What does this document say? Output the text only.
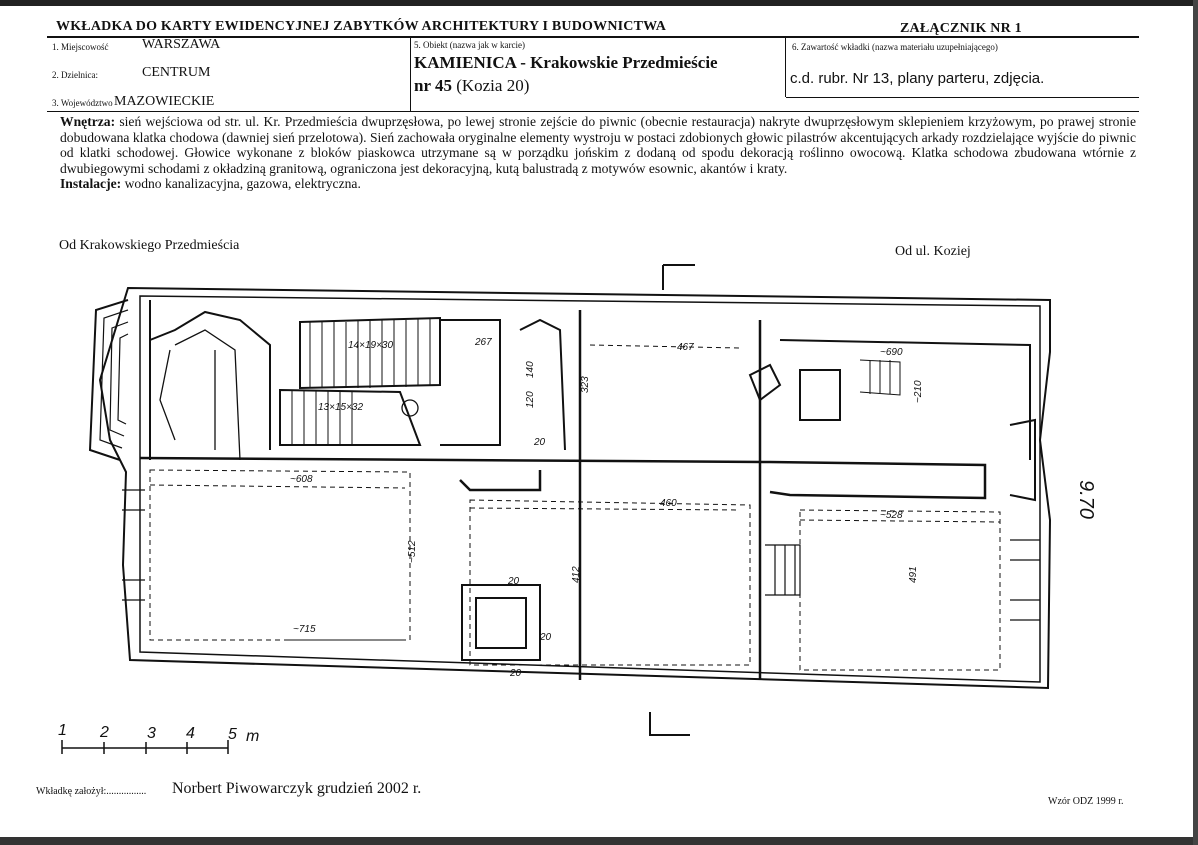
WKŁADKA DO KARTY EWIDENCYJNEJ ZABYTKÓW ARCHITEKTURY I BUDOWNICTWA	ZAŁĄCZNIK NR 1
1. Miejscowość WARSZAWA
2. Dzielnica:	CENTRUM
3. Województwo MAZOWIECKIE
5. Obiekt (nazwa jak w karcie)
KAMIENICA - Krakowskie Przedmieście
nr 45 (Kozia 20)
6. Zawartość wkładki (nazwa materiału uzupełniającego)
c.d. rubr. Nr 13, plany parteru, zdjęcia.
Wnętrza: sień wejściowa od str. ul. Kr. Przedmieścia dwuprzęsłowa, po lewej stronie zejście do piwnic (obecnie restauracja) nakryte dwuprzęsłowym sklepieniem krzyżowym, po prawej stronie dobudowana klatka chodowa (dawniej sień przelotowa). Sień zachowała oryginalne elementy wystroju w postaci zdobionych głowic pilastrów akcentujących arkady rozdzielające wyjście do piwnic od klatki schodowej. Głowice wykonane z bloków piaskowca utrzymane są w porządku jońskim z dodaną od spodu dekoracją roślinno owocową. Klatka schodowa zbudowana wtórnie z dwubiegowymi schodami z okładziną granitową, ograniczona jest dekoracyjną, kutą balustradą z motywów esownic, akantów i kraty.
Instalacje: wodno kanalizacyjna, gazowa, elektryczna.
Od Krakowskiego Przedmieścia	Od ul. Koziej
14×19×30
13×15×32
267	467	~690
323	~210
~608
460
~528
~512
412	491
~715
20
20
20
20
140
120
9.70
1 2 3 4 5 m
Wkładkę założył:................ Norbert Piwowarczyk grudzień 2002 r.
Wzór ODZ 1999 r.
